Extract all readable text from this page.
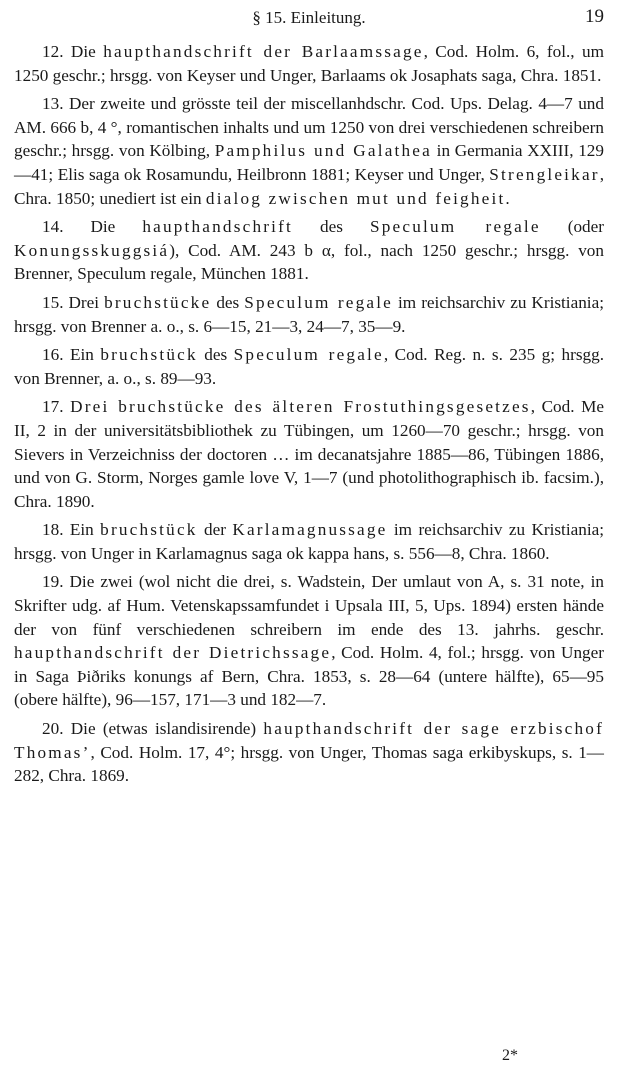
§ 15. Einleitung.	19

12. Die haupthandschrift der Barlaamssage, Cod. Holm. 6, fol., um 1250 geschr.; hrsgg. von Keyser und Unger, Barlaams ok Josaphats saga, Chra. 1851.

13. Der zweite und grösste teil der miscellanhdschr. Cod. Ups. Delag. 4—7 und AM. 666 b, 4 °, romantischen inhalts und um 1250 von drei verschiedenen schreibern geschr.; hrsgg. von Kölbing, Pamphilus und Galathea in Germania XXIII, 129—41; Elis saga ok Rosamundu, Heilbronn 1881; Keyser und Unger, Strengleikar, Chra. 1850; unediert ist ein dialog zwischen mut und feigheit.

14. Die haupthandschrift des Speculum regale (oder Konungsskuggsiá), Cod. AM. 243 b α, fol., nach 1250 geschr.; hrsgg. von Brenner, Speculum regale, München 1881.

15. Drei bruchstücke des Speculum regale im reichsarchiv zu Kristiania; hrsgg. von Brenner a. o., s. 6—15, 21—3, 24—7, 35—9.

16. Ein bruchstück des Speculum regale, Cod. Reg. n. s. 235 g; hrsgg. von Brenner, a. o., s. 89—93.

17. Drei bruchstücke des älteren Frostuthingsgesetzes, Cod. Me II, 2 in der universitätsbibliothek zu Tübingen, um 1260—70 geschr.; hrsgg. von Sievers in Verzeichniss der doctoren … im decanatsjahre 1885—86, Tübingen 1886, und von G. Storm, Norges gamle love V, 1—7 (und photolithographisch ib. facsim.), Chra. 1890.

18. Ein bruchstück der Karlamagnussage im reichsarchiv zu Kristiania; hrsgg. von Unger in Karlamagnus saga ok kappa hans, s. 556—8, Chra. 1860.

19. Die zwei (wol nicht die drei, s. Wadstein, Der umlaut von A, s. 31 note, in Skrifter udg. af Hum. Vetenskapssamfundet i Upsala III, 5, Ups. 1894) ersten hände der von fünf verschiedenen schreibern im ende des 13. jahrhs. geschr. haupthandschrift der Dietrichssage, Cod. Holm. 4, fol.; hrsgg. von Unger in Saga Þiðriks konungs af Bern, Chra. 1853, s. 28—64 (untere hälfte), 65—95 (obere hälfte), 96—157, 171—3 und 182—7.

20. Die (etwas islandisirende) haupthandschrift der sage erzbischof Thomas’, Cod. Holm. 17, 4°; hrsgg. von Unger, Thomas saga erkibyskups, s. 1—282, Chra. 1869.

2*
